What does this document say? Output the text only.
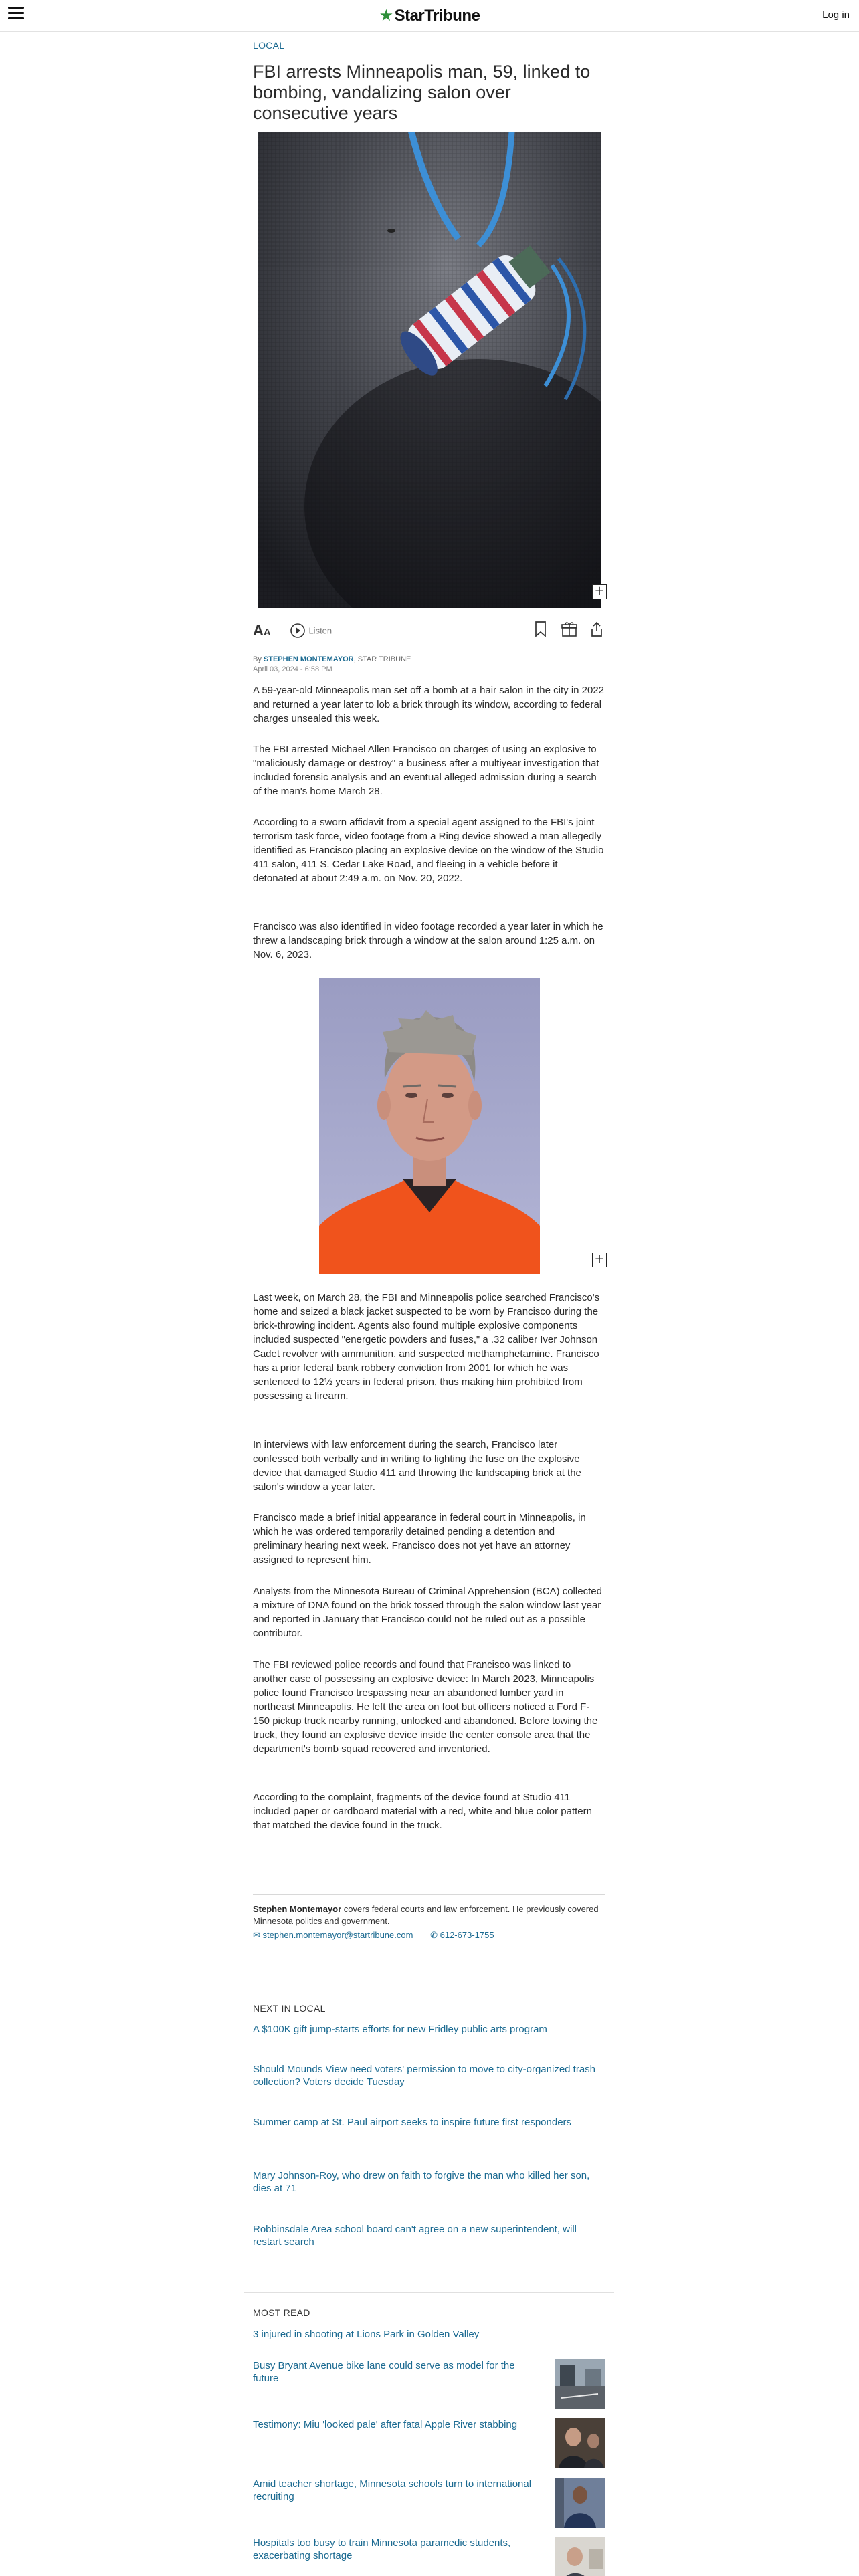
★StarTribune	Log in
LOCAL
FBI arrests Minneapolis man, 59, linked to bombing, vandalizing salon over consecutive years
+
AA	Listen
By STEPHEN MONTEMAYOR, STAR TRIBUNE
April 03, 2024 - 6:58 PM

A 59-year-old Minneapolis man set off a bomb at a hair salon in the city in 2022 and returned a year later to lob a brick through its window, according to federal charges unsealed this week.

The FBI arrested Michael Allen Francisco on charges of using an explosive to "maliciously damage or destroy" a business after a multiyear investigation that included forensic analysis and an eventual alleged admission during a search of the man's home March 28.

According to a sworn affidavit from a special agent assigned to the FBI's joint terrorism task force, video footage from a Ring device showed a man allegedly identified as Francisco placing an explosive device on the window of the Studio 411 salon, 411 S. Cedar Lake Road, and fleeing in a vehicle before it detonated at about 2:49 a.m. on Nov. 20, 2022.

Francisco was also identified in video footage recorded a year later in which he threw a landscaping brick through a window at the salon around 1:25 a.m. on Nov. 6, 2023.

+

Last week, on March 28, the FBI and Minneapolis police searched Francisco's home and seized a black jacket suspected to be worn by Francisco during the brick-throwing incident. Agents also found multiple explosive components included suspected "energetic powders and fuses," a .32 caliber Iver Johnson Cadet revolver with ammunition, and suspected methamphetamine. Francisco has a prior federal bank robbery conviction from 2001 for which he was sentenced to 12½ years in federal prison, thus making him prohibited from possessing a firearm.

In interviews with law enforcement during the search, Francisco later confessed both verbally and in writing to lighting the fuse on the explosive device that damaged Studio 411 and throwing the landscaping brick at the salon's window a year later.

Francisco made a brief initial appearance in federal court in Minneapolis, in which he was ordered temporarily detained pending a detention and preliminary hearing next week. Francisco does not yet have an attorney assigned to represent him.

Analysts from the Minnesota Bureau of Criminal Apprehension (BCA) collected a mixture of DNA found on the brick tossed through the salon window last year and reported in January that Francisco could not be ruled out as a possible contributor.

The FBI reviewed police records and found that Francisco was linked to another case of possessing an explosive device: In March 2023, Minneapolis police found Francisco trespassing near an abandoned lumber yard in northeast Minneapolis. He left the area on foot but officers noticed a Ford F-150 pickup truck nearby running, unlocked and abandoned. Before towing the truck, they found an explosive device inside the center console area that the department's bomb squad recovered and inventoried.

According to the complaint, fragments of the device found at Studio 411 included paper or cardboard material with a red, white and blue color pattern that matched the device found in the truck.

Stephen Montemayor covers federal courts and law enforcement. He previously covered Minnesota politics and government.
✉ stephen.montemayor@startribune.com ✆ 612-673-1755
NEXT IN LOCAL
A $100K gift jump-starts efforts for new Fridley public arts program
Should Mounds View need voters' permission to move to city-organized trash collection? Voters decide Tuesday
Summer camp at St. Paul airport seeks to inspire future first responders
Mary Johnson-Roy, who drew on faith to forgive the man who killed her son, dies at 71
Robbinsdale Area school board can't agree on a new superintendent, will restart search
MOST READ
3 injured in shooting at Lions Park in Golden Valley
Busy Bryant Avenue bike lane could serve as model for the future
Testimony: Miu 'looked pale' after fatal Apple River stabbing
Amid teacher shortage, Minnesota schools turn to international recruiting
Hospitals too busy to train Minnesota paramedic students, exacerbating shortage
